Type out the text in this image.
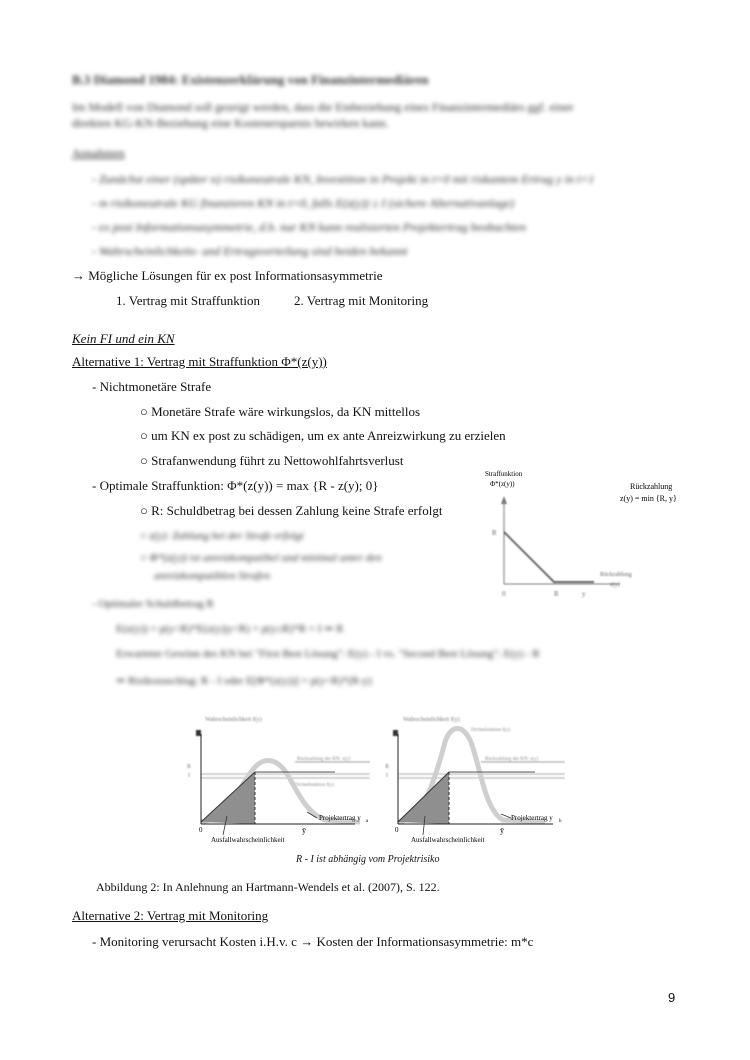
B.3 Diamond 1984: Existenzerklärung von Finanzintermediären
Im Modell von Diamond soll gezeigt werden, dass die Einbeziehung eines Finanzintermediärs ggf. einer
direkten KG-KN-Beziehung eine Kostenersparnis bewirken kann.
Annahmen
- Zunächst einer (später n) risikoneutrale KN, Investition in Projekt in t=0 mit riskantem Ertrag y in t=1
- m risikoneutrale KG finanzieren KN in t=0, falls E(z(y)) ≥ I (sichere Alternativanlage)
- ex post Informationsasymmetrie, d.h. nur KN kann realisierten Projektertrag beobachten
- Wahrscheinlichkeits- und Ertragsverteilung sind beiden bekannt
→ Mögliche Lösungen für ex post Informationsasymmetrie
1. Vertrag mit Straffunktion	2. Vertrag mit Monitoring
Kein FI und ein KN
Alternative 1: Vertrag mit Straffunktion Φ*(z(y))
- Nichtmonetäre Strafe
○ Monetäre Strafe wäre wirkungslos, da KN mittellos
○ um KN ex post zu schädigen, um ex ante Anreizwirkung zu erzielen
○ Strafanwendung führt zu Nettowohlfahrtsverlust
- Optimale Straffunktion: Φ*(z(y)) = max {R - z(y); 0}
○ R: Schuldbetrag bei dessen Zahlung keine Strafe erfolgt
○ z(y): Zahlung bei der Strafe erfolgt
○ Φ*(z(y)) ist anreizkompatibel und minimal unter den
anreizkompatiblen Strafen
- Optimaler Schuldbetrag R
E(z(y)) = p(y<R)*E(z(y)|y<R) + p(y≥R)*R = I ⇒ R
Erwarteter Gewinn des KN bei "First Best Lösung": E(y) - I vs. "Second Best Lösung": E(y) - R
⇒ Risikozuschlag: R - I oder E[Φ*(z(y))] = p(y<R)*(R-y)
Straffunktion
Φ*(z(y))	Rückzahlung
z(y) = min {R, y}
R
Rückzahlung
z(y)
0	R	y
Wahrscheinlichkeit f(y)
Rückzahlung der KN: z(y)
Dichtefunktion f(y)
R
I
Projektertrag y a
0	ȳ
Ausfallwahrscheinlichkeit
Wahrscheinlichkeit f(y)
Dichtefunktion f(y)
Rückzahlung der KN: z(y)
R
I
Projektertrag y b
0	ȳ
Ausfallwahrscheinlichkeit
R - I ist abhängig vom Projektrisiko
Abbildung 2: In Anlehnung an Hartmann-Wendels et al. (2007), S. 122.
Alternative 2: Vertrag mit Monitoring
- Monitoring verursacht Kosten i.H.v. c → Kosten der Informationsasymmetrie: m*c
9
